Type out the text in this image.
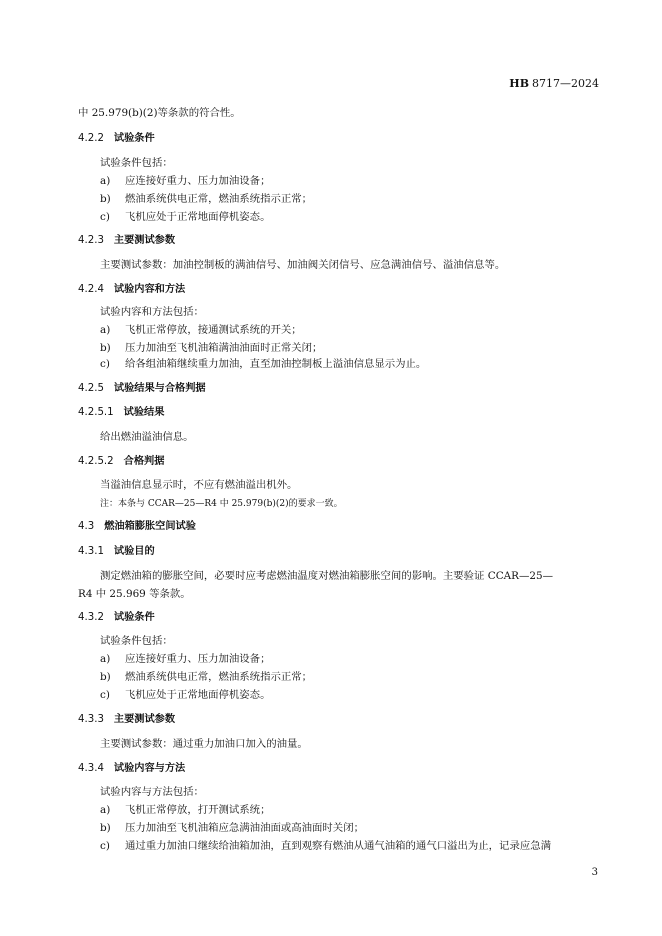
HB 8717—2024
中 25.979(b)(2)等条款的符合性。
4.2.2 试验条件
试验条件包括：
a) 应连接好重力、压力加油设备；
b) 燃油系统供电正常，燃油系统指示正常；
c) 飞机应处于正常地面停机姿态。
4.2.3 主要测试参数
主要测试参数：加油控制板的满油信号、加油阀关闭信号、应急满油信号、溢油信息等。
4.2.4 试验内容和方法
试验内容和方法包括：
a) 飞机正常停放，接通测试系统的开关；
b) 压力加油至飞机油箱满油油面时正常关闭；
c) 给各组油箱继续重力加油，直至加油控制板上溢油信息显示为止。
4.2.5 试验结果与合格判据
4.2.5.1 试验结果
给出燃油溢油信息。
4.2.5.2 合格判据
当溢油信息显示时，不应有燃油溢出机外。
注：本条与 CCAR—25—R4 中 25.979(b)(2)的要求一致。
4.3 燃油箱膨胀空间试验
4.3.1 试验目的
测定燃油箱的膨胀空间，必要时应考虑燃油温度对燃油箱膨胀空间的影响。主要验证 CCAR—25—
R4 中 25.969 等条款。
4.3.2 试验条件
试验条件包括：
a) 应连接好重力、压力加油设备；
b) 燃油系统供电正常，燃油系统指示正常；
c) 飞机应处于正常地面停机姿态。
4.3.3 主要测试参数
主要测试参数：通过重力加油口加入的油量。
4.3.4 试验内容与方法
试验内容与方法包括：
a) 飞机正常停放，打开测试系统；
b) 压力加油至飞机油箱应急满油油面或高油面时关闭；
c) 通过重力加油口继续给油箱加油，直到观察有燃油从通气油箱的通气口溢出为止，记录应急满
3
